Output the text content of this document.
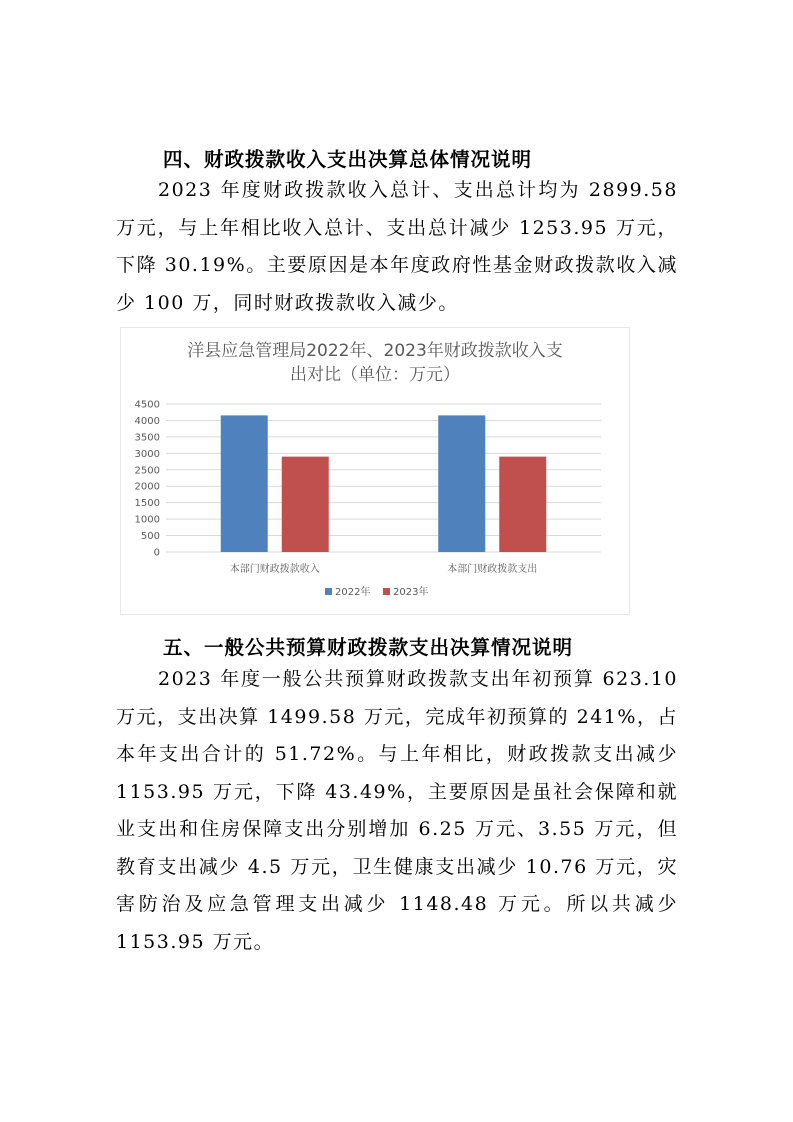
四、财政拨款收入支出决算总体情况说明

2023 年度财政拨款收入总计、支出总计均为 2899.58 万元，与上年相比收入总计、支出总计减少 1253.95 万元，下降 30.19%。主要原因是本年度政府性基金财政拨款收入减少 100 万，同时财政拨款收入减少。

洋县应急管理局2022年、2023年财政拨款收入支
出对比（单位：万元）
0
500
1000
1500
2000
2500
3000
3500
4000
4500
本部门财政拨款收入	本部门财政拨款支出
2022年 2023年
五、一般公共预算财政拨款支出决算情况说明

2023 年度一般公共预算财政拨款支出年初预算 623.10 万元，支出决算 1499.58 万元，完成年初预算的 241%，占本年支出合计的 51.72%。与上年相比，财政拨款支出减少 1153.95 万元，下降 43.49%，主要原因是虽社会保障和就业支出和住房保障支出分别增加 6.25 万元、3.55 万元，但教育支出减少 4.5 万元，卫生健康支出减少 10.76 万元，灾害防治及应急管理支出减少 1148.48 万元。所以共减少 1153.95 万元。
